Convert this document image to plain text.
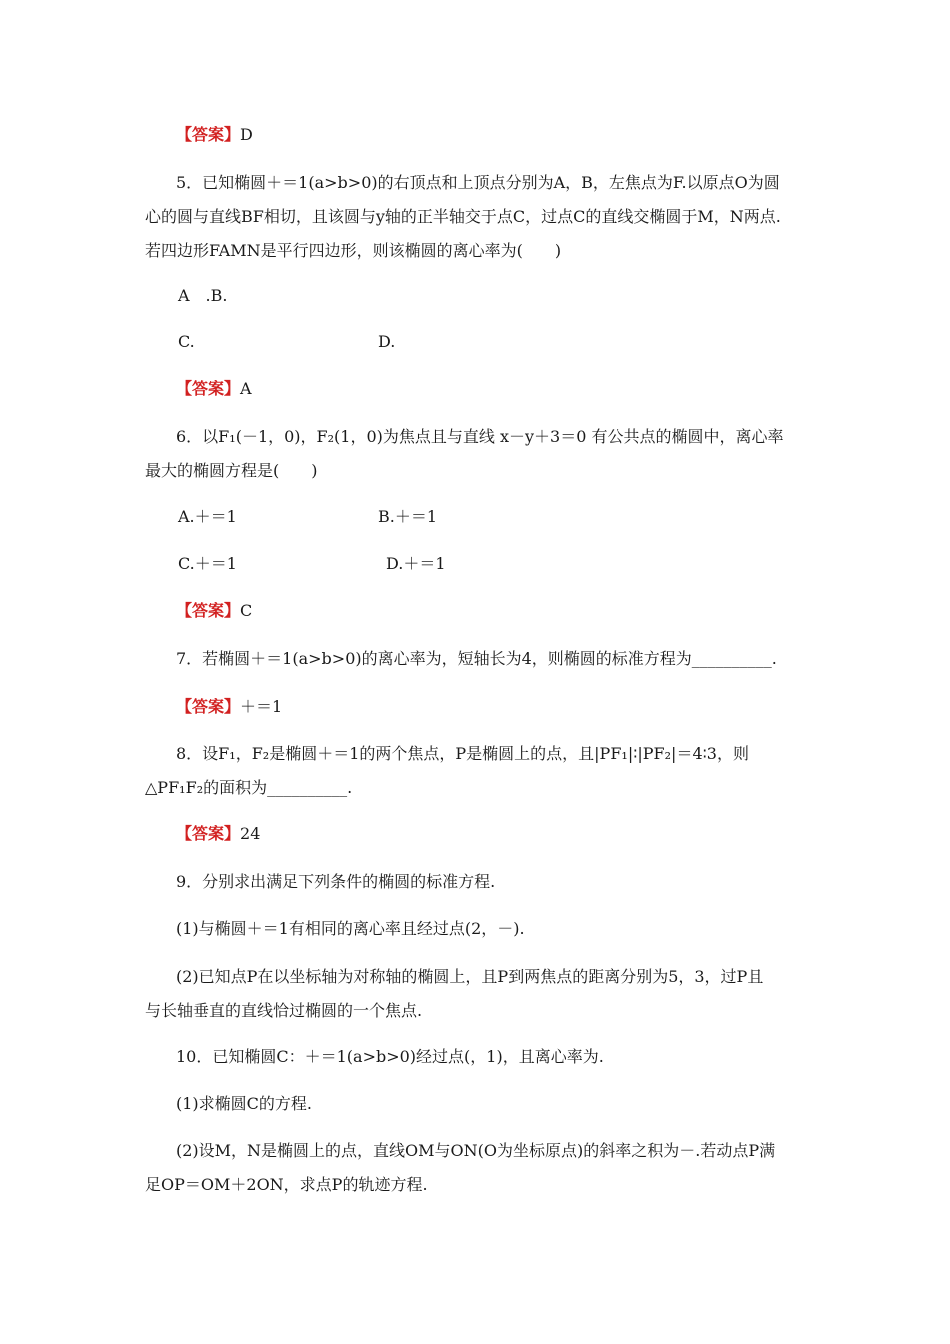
【答案】D
5．已知椭圆＋＝1(a>b>0)的右顶点和上顶点分别为A，B，左焦点为F.以原点O为圆
心的圆与直线BF相切，且该圆与y轴的正半轴交于点C，过点C的直线交椭圆于M，N两点.
若四边形FAMN是平行四边形，则该椭圆的离心率为(　　)
A　.B.
C.	D.
【答案】A
6．以F₁(－1，0)，F₂(1，0)为焦点且与直线 x－y＋3＝0 有公共点的椭圆中，离心率
最大的椭圆方程是(　　)
A.＋＝1	B.＋＝1
C.＋＝1	D.＋＝1
【答案】C
7．若椭圆＋＝1(a>b>0)的离心率为，短轴长为4，则椭圆的标准方程为__________.
【答案】＋＝1
8．设F₁，F₂是椭圆＋＝1的两个焦点，P是椭圆上的点，且|PF₁|∶|PF₂|＝4∶3，则
△PF₁F₂的面积为__________.
【答案】24
9．分别求出满足下列条件的椭圆的标准方程.
(1)与椭圆＋＝1有相同的离心率且经过点(2，－).
(2)已知点P在以坐标轴为对称轴的椭圆上，且P到两焦点的距离分别为5，3，过P且
与长轴垂直的直线恰过椭圆的一个焦点.
10．已知椭圆C：＋＝1(a>b>0)经过点(，1)，且离心率为.
(1)求椭圆C的方程.
(2)设M，N是椭圆上的点，直线OM与ON(O为坐标原点)的斜率之积为－.若动点P满
足OP＝OM＋2ON，求点P的轨迹方程.
